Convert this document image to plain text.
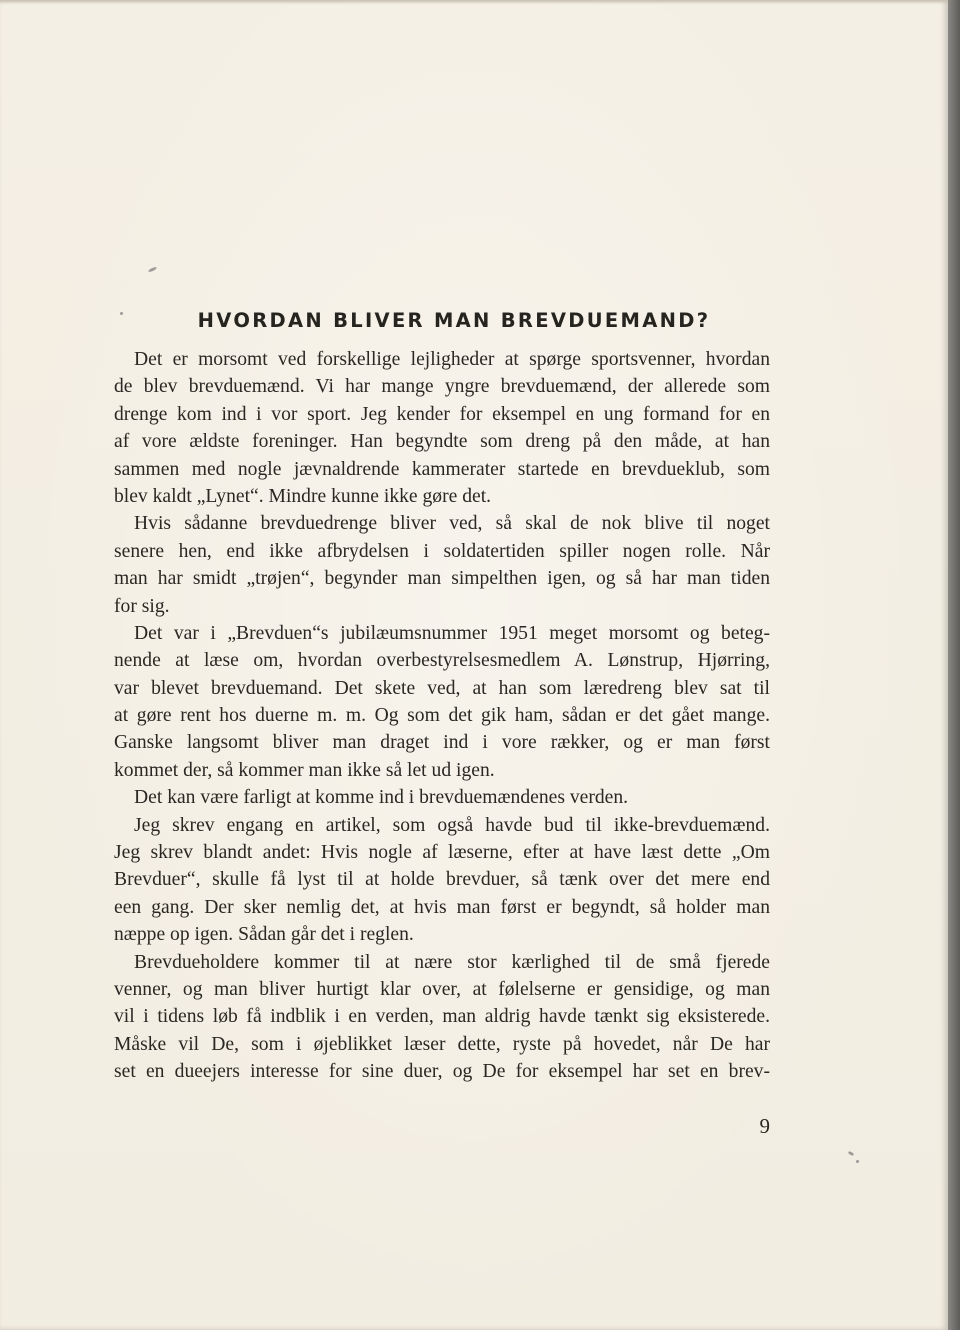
HVORDAN BLIVER MAN BREVDUEMAND?
Det er morsomt ved forskellige lejligheder at spørge sportsvenner, hvordan
de blev brevduemænd. Vi har mange yngre brevduemænd, der allerede som
drenge kom ind i vor sport. Jeg kender for eksempel en ung formand for en
af vore ældste foreninger. Han begyndte som dreng på den måde, at han
sammen med nogle jævnaldrende kammerater startede en brevdueklub, som
blev kaldt „Lynet“. Mindre kunne ikke gøre det.
Hvis sådanne brevduedrenge bliver ved, så skal de nok blive til noget
senere hen, end ikke afbrydelsen i soldatertiden spiller nogen rolle. Når
man har smidt „trøjen“, begynder man simpelthen igen, og så har man tiden
for sig.
Det var i „Brevduen“s jubilæumsnummer 1951 meget morsomt og beteg-
nende at læse om, hvordan overbestyrelsesmedlem A. Lønstrup, Hjørring,
var blevet brevduemand. Det skete ved, at han som læredreng blev sat til
at gøre rent hos duerne m. m. Og som det gik ham, sådan er det gået mange.
Ganske langsomt bliver man draget ind i vore rækker, og er man først
kommet der, så kommer man ikke så let ud igen.
Det kan være farligt at komme ind i brevduemændenes verden.
Jeg skrev engang en artikel, som også havde bud til ikke-brevduemænd.
Jeg skrev blandt andet: Hvis nogle af læserne, efter at have læst dette „Om
Brevduer“, skulle få lyst til at holde brevduer, så tænk over det mere end
een gang. Der sker nemlig det, at hvis man først er begyndt, så holder man
næppe op igen. Sådan går det i reglen.
Brevdueholdere kommer til at nære stor kærlighed til de små fjerede
venner, og man bliver hurtigt klar over, at følelserne er gensidige, og man
vil i tidens løb få indblik i en verden, man aldrig havde tænkt sig eksisterede.
Måske vil De, som i øjeblikket læser dette, ryste på hovedet, når De har
set en dueejers interesse for sine duer, og De for eksempel har set en brev-
9
